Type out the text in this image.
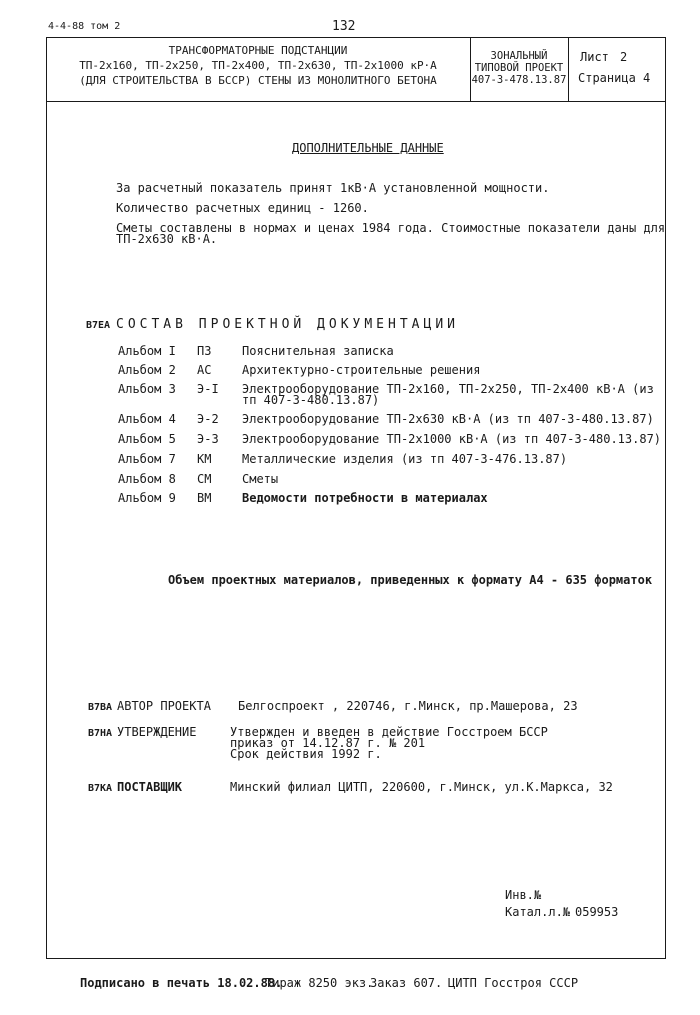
4-4-88 том 2	132
ТРАНСФОРМАТОРНЫЕ ПОДСТАНЦИИ
ТП-2х160, ТП-2х250, ТП-2х400, ТП-2х630, ТП-2х1000 кР·А
(ДЛЯ СТРОИТЕЛЬСТВА В БССР) СТЕНЫ ИЗ МОНОЛИТНОГО БЕТОНА
ЗОНАЛЬНЫЙ
ТИПОВОЙ ПРОЕКТ
407-3-478.13.87
Лист 2
Страница 4
ДОПОЛНИТЕЛЬНЫЕ ДАННЫЕ
За расчетный показатель принят 1кВ·А установленной мощности.
Количество расчетных единиц - 1260.
Сметы составлены в нормах и ценах 1984 года. Стоимостные показатели даны для
ТП-2х630 кВ·А.
В7ЕА СОСТАВ ПРОЕКТНОЙ ДОКУМЕНТАЦИИ
Альбом I ПЗ	Пояснительная записка
Альбом 2 АС	Архитектурно-строительные решения
Альбом 3 Э-I Электрооборудование ТП-2х160, ТП-2х250, ТП-2х400 кВ·А (из
тп 407-3-480.13.87)
Альбом 4 Э-2 Электрооборудование ТП-2х630 кВ·А (из тп 407-3-480.13.87)
Альбом 5 Э-3 Электрооборудование ТП-2х1000 кВ·А (из тп 407-3-480.13.87)
Альбом 7 КМ	Металлические изделия (из тп 407-3-476.13.87)
Альбом 8 СМ	Сметы
Альбом 9 ВМ	Ведомости потребности в материалах
Объем проектных материалов, приведенных к формату А4 - 635 форматок
В7ВА АВТОР ПРОЕКТА Белгоспроект , 220746, г.Минск, пр.Машерова, 23
В7НА УТВЕРЖДЕНИЕ	Утвержден и введен в действие Госстроем БССР
приказ от 14.12.87 г. № 201
Срок действия 1992 г.
В7КА ПОСТАВЩИК	Минский филиал ЦИТП, 220600, г.Минск, ул.К.Маркса, 32
Инв.№
Катал.л.№ 059953
Подписано в печать 18.02.88.
Тираж 8250 экз.
Заказ 607. ЦИТП Госстроя СССР
